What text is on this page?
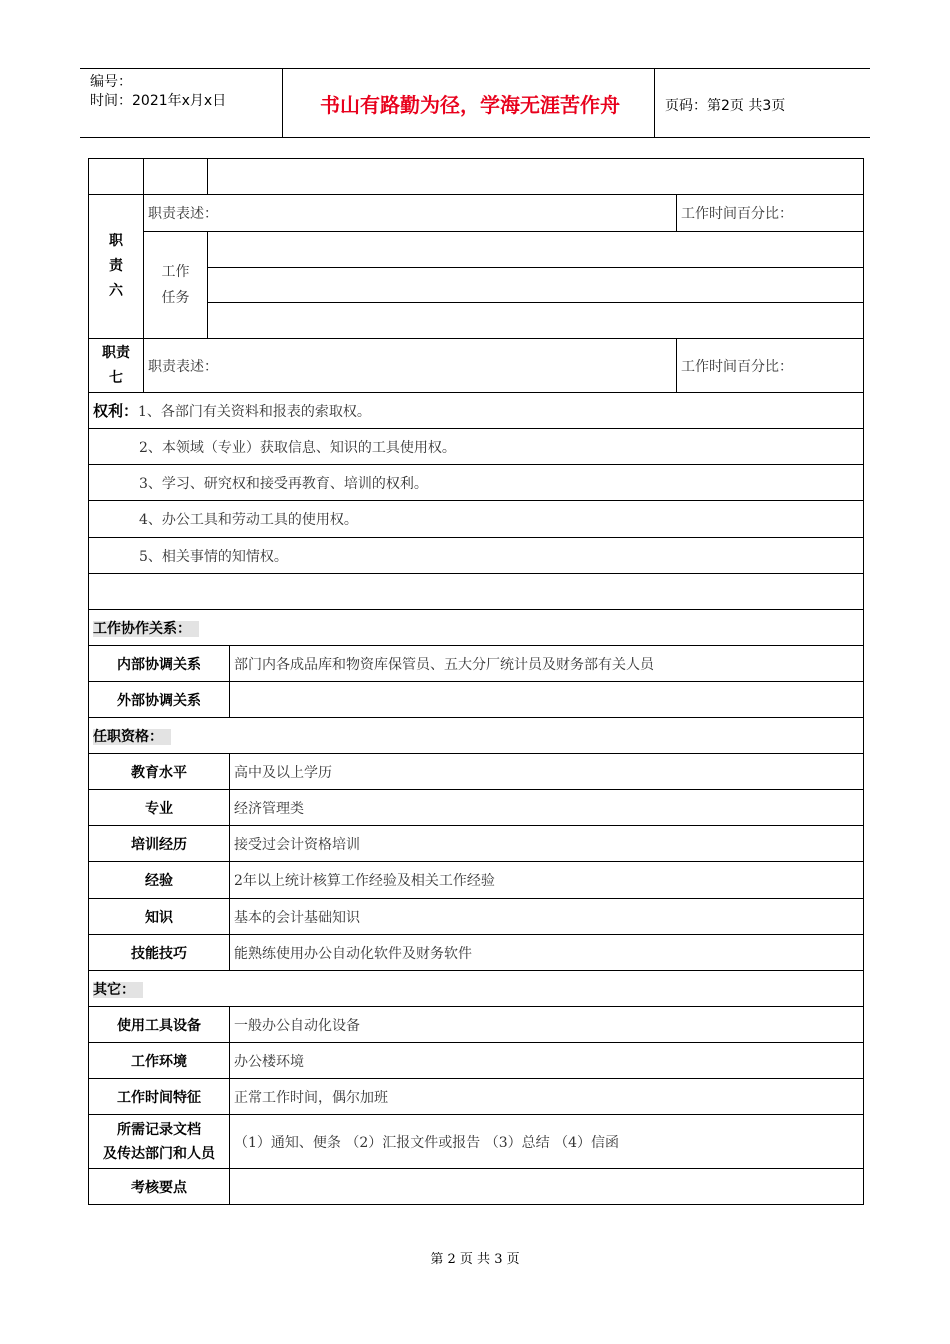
编号：
时间：2021年x月x日	书山有路勤为径，学海无涯苦作舟	页码：第2页 共3页

职
责
六	职责表述：			工作时间百分比：
	工作
任务			

职责
七	职责表述：			工作时间百分比：
权利：1、各部门有关资料和报表的索取权。				
2、本领域（专业）获取信息、知识的工具使用权。				
3、学习、研究权和接受再教育、培训的权利。				
4、办公工具和劳动工具的使用权。				
5、相关事情的知情权。				

工作协作关系：				
内部协调关系			部门内各成品库和物资库保管员、五大分厂统计员及财务部有关人员	
外部协调关系				
任职资格：				
教育水平			高中及以上学历	
专业			经济管理类	
培训经历			接受过会计资格培训	
经验			2年以上统计核算工作经验及相关工作经验	
知识			基本的会计基础知识	
技能技巧			能熟练使用办公自动化软件及财务软件	
其它：				
使用工具设备			一般办公自动化设备	
工作环境			办公楼环境	
工作时间特征			正常工作时间，偶尔加班	
所需记录文档
及传达部门和人员			（1）通知、便条 （2）汇报文件或报告 （3）总结 （4）信函	
考核要点				
第 2 页 共 3 页
